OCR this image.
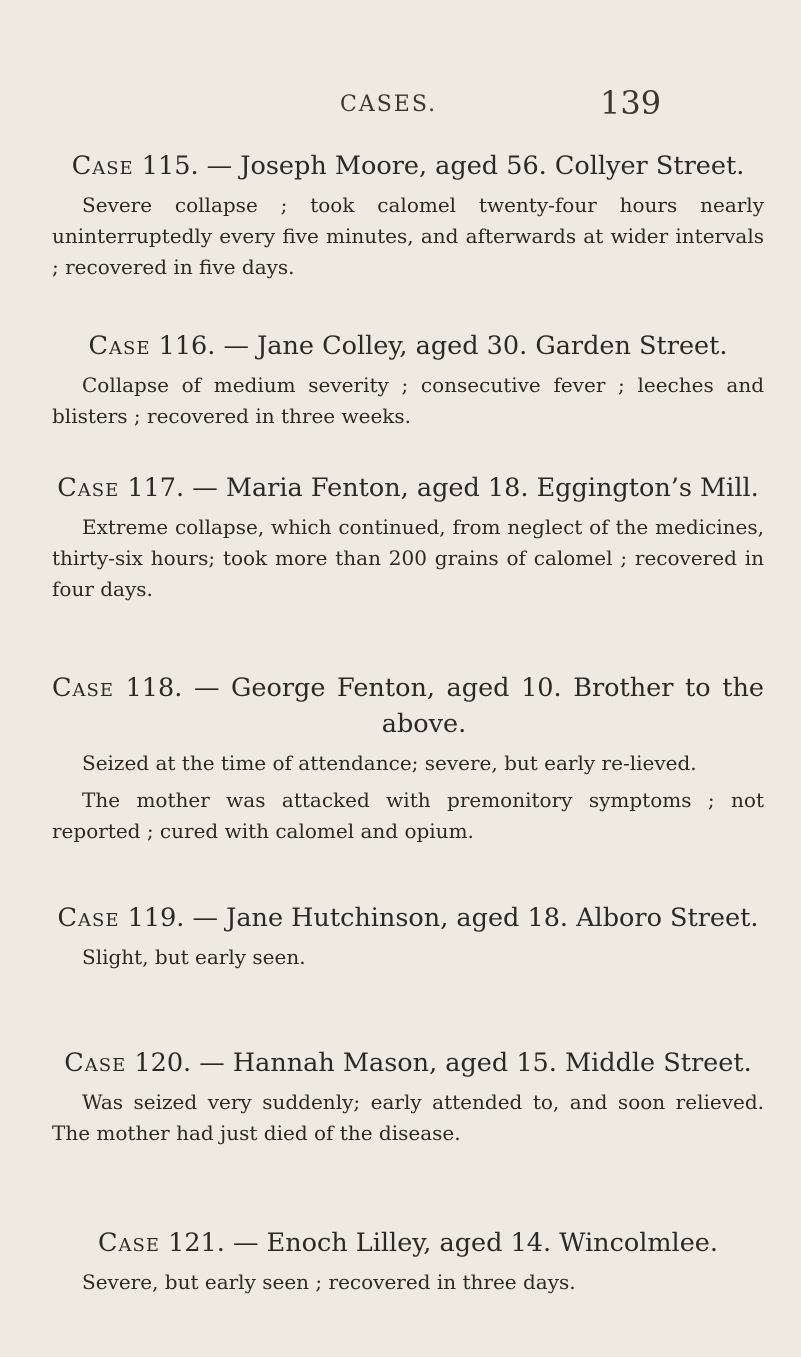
CASES.	139

Case 115. — Joseph Moore, aged 56. Collyer Street.

Severe collapse ; took calomel twenty-four hours nearly uninterruptedly every five minutes, and afterwards at wider intervals ; recovered in five days.

Case 116. — Jane Colley, aged 30. Garden Street.

Collapse of medium severity ; consecutive fever ; leeches and blisters ; recovered in three weeks.

Case 117. — Maria Fenton, aged 18. Eggington’s Mill.

Extreme collapse, which continued, from neglect of the medicines, thirty-six hours; took more than 200 grains of calomel ; recovered in four days.

Case 118. — George Fenton, aged 10. Brother to the above.

Seized at the time of attendance; severe, but early re-lieved.

The mother was attacked with premonitory symptoms ; not reported ; cured with calomel and opium.

Case 119. — Jane Hutchinson, aged 18. Alboro Street.

Slight, but early seen.

Case 120. — Hannah Mason, aged 15. Middle Street.

Was seized very suddenly; early attended to, and soon relieved. The mother had just died of the disease.

Case 121. — Enoch Lilley, aged 14. Wincolmlee.

Severe, but early seen ; recovered in three days.
